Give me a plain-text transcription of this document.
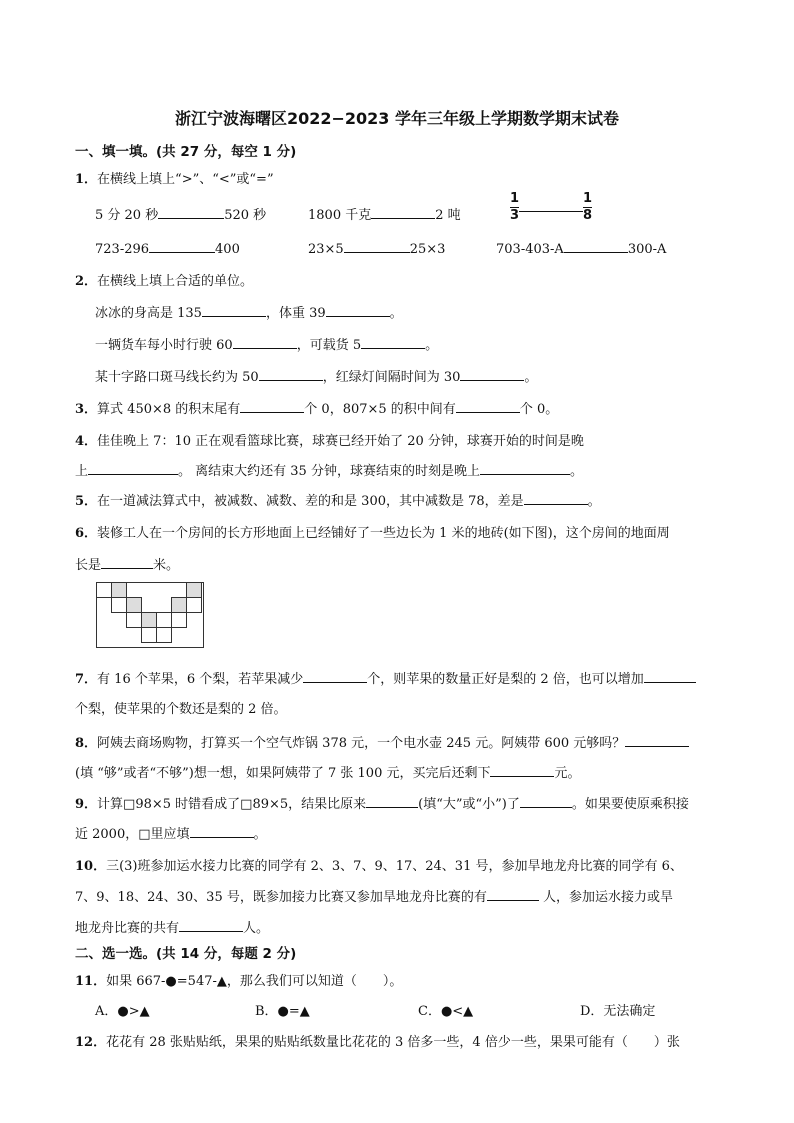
浙江宁波海曙区2022−2023 学年三年级上学期数学期末试卷
一、填一填。(共 27 分，每空 1 分)
1．在横线上填上“>”、“<”或“=”
5 分 20 秒	520 秒	1800 千克	2 吨	$\frac{1}{3}$	$\frac{1}{8}$
723-296	400	23×5	25×3	703-403-A	300-A
2．在横线上填上合适的单位。
冰冰的身高是 135	，体重 39	。
一辆货车每小时行驶 60	，可载货 5	。
某十字路口斑马线长约为 50	，红绿灯间隔时间为 30	。
3．算式 450×8 的积末尾有	个 0，807×5 的积中间有	个 0。
4．佳佳晚上 7：10 正在观看篮球比赛，球赛已经开始了 20 分钟，球赛开始的时间是晚
上	。 离结束大约还有 35 分钟，球赛结束的时刻是晚上	。
5．在一道减法算式中，被减数、减数、差的和是 300，其中减数是 78，差是	。
6．装修工人在一个房间的长方形地面上已经铺好了一些边长为 1 米的地砖(如下图)，这个房间的地面周
长是	米。
7．有 16 个苹果，6 个梨，若苹果减少	个，则苹果的数量正好是梨的 2 倍，也可以增加
个梨，使苹果的个数还是梨的 2 倍。
8．阿姨去商场购物，打算买一个空气炸锅 378 元，一个电水壶 245 元。阿姨带 600 元够吗？
(填 “够”或者“不够”)想一想，如果阿姨带了 7 张 100 元，买完后还剩下	元。
9．计算□98×5 时错看成了□89×5，结果比原来	(填“大”或“小”)了	。如果要使原乘积接
近 2000，□里应填	。
10．三(3)班参加运水接力比赛的同学有 2、3、7、9、17、24、31 号，参加旱地龙舟比赛的同学有 6、
7、9、18、24、30、35 号，既参加接力比赛又参加旱地龙舟比赛的有	人，参加运水接力或旱
地龙舟比赛的共有	人。
二、选一选。(共 14 分，每题 2 分)
11．如果 667-●=547-▲，那么我们可以知道（　　）。
A．●>▲	B．●=▲	C．●<▲	D．无法确定
12．花花有 28 张贴贴纸，果果的贴贴纸数量比花花的 3 倍多一些，4 倍少一些，果果可能有（　　）张
